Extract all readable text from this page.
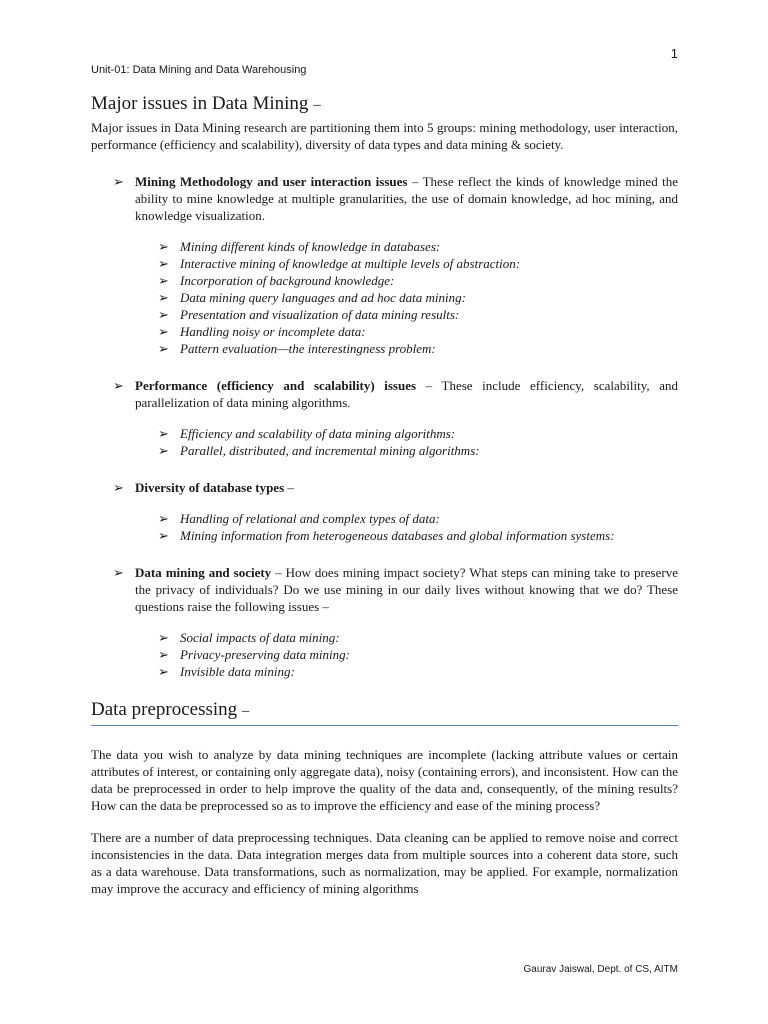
1
Unit-01: Data Mining and Data Warehousing
Major issues in Data Mining –

Major issues in Data Mining research are partitioning them into 5 groups: mining methodology, user interaction, performance (efficiency and scalability), diversity of data types and data mining & society.

➢ Mining Methodology and user interaction issues – These reflect the kinds of knowledge mined the ability to mine knowledge at multiple granularities, the use of domain knowledge, ad hoc mining, and knowledge visualization.
➢ Mining different kinds of knowledge in databases:
➢ Interactive mining of knowledge at multiple levels of abstraction:
➢ Incorporation of background knowledge:
➢ Data mining query languages and ad hoc data mining:
➢ Presentation and visualization of data mining results:
➢ Handling noisy or incomplete data:
➢ Pattern evaluation—the interestingness problem:
➢ Performance (efficiency and scalability) issues – These include efficiency, scalability, and parallelization of data mining algorithms.
➢ Efficiency and scalability of data mining algorithms:
➢ Parallel, distributed, and incremental mining algorithms:
➢ Diversity of database types –
➢ Handling of relational and complex types of data:
➢ Mining information from heterogeneous databases and global information systems:
➢ Data mining and society – How does mining impact society? What steps can mining take to preserve the privacy of individuals? Do we use mining in our daily lives without knowing that we do? These questions raise the following issues –
➢ Social impacts of data mining:
➢ Privacy-preserving data mining:
➢ Invisible data mining:
Data preprocessing –

The data you wish to analyze by data mining techniques are incomplete (lacking attribute values or certain attributes of interest, or containing only aggregate data), noisy (containing errors), and inconsistent. How can the data be preprocessed in order to help improve the quality of the data and, consequently, of the mining results? How can the data be preprocessed so as to improve the efficiency and ease of the mining process?

There are a number of data preprocessing techniques. Data cleaning can be applied to remove noise and correct inconsistencies in the data. Data integration merges data from multiple sources into a coherent data store, such as a data warehouse. Data transformations, such as normalization, may be applied. For example, normalization may improve the accuracy and efficiency of mining algorithms

Gaurav Jaiswal, Dept. of CS, AITM
